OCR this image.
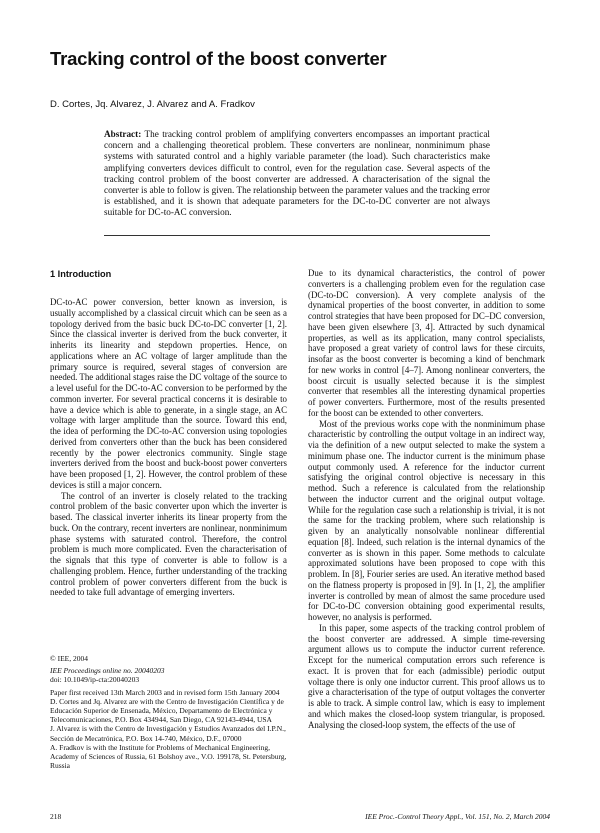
Tracking control of the boost converter
D. Cortes, Jq. Alvarez, J. Alvarez and A. Fradkov

Abstract: The tracking control problem of amplifying converters encompasses an important practical concern and a challenging theoretical problem. These converters are nonlinear, nonminimum phase systems with saturated control and a highly variable parameter (the load). Such characteristics make amplifying converters devices difficult to control, even for the regulation case. Several aspects of the tracking control problem of the boost converter are addressed. A characterisation of the signal the converter is able to follow is given. The relationship between the parameter values and the tracking error is established, and it is shown that adequate parameters for the DC-to-DC converter are not always suitable for DC-to-AC conversion.

1 Introduction

DC-to-AC power conversion, better known as inversion, is usually accomplished by a classical circuit which can be seen as a topology derived from the basic buck DC-to-DC converter [1, 2]. Since the classical inverter is derived from the buck converter, it inherits its linearity and stepdown properties. Hence, on applications where an AC voltage of larger amplitude than the primary source is required, several stages of conversion are needed. The additional stages raise the DC voltage of the source to a level useful for the DC-to-AC conversion to be performed by the common inverter. For several practical concerns it is desirable to have a device which is able to generate, in a single stage, an AC voltage with larger amplitude than the source. Toward this end, the idea of performing the DC-to-AC conversion using topologies derived from converters other than the buck has been considered recently by the power electronics community. Single stage inverters derived from the boost and buck-boost power converters have been proposed [1, 2]. However, the control problem of these devices is still a major concern.

The control of an inverter is closely related to the tracking control problem of the basic converter upon which the inverter is based. The classical inverter inherits its linear property from the buck. On the contrary, recent inverters are nonlinear, nonminimum phase systems with saturated control. Therefore, the control problem is much more complicated. Even the characterisation of the signals that this type of converter is able to follow is a challenging problem. Hence, further understanding of the tracking control problem of power converters different from the buck is needed to take full advantage of emerging inverters.

Due to its dynamical characteristics, the control of power converters is a challenging problem even for the regulation case (DC-to-DC conversion). A very complete analysis of the dynamical properties of the boost converter, in addition to some control strategies that have been proposed for DC–DC conversion, have been given elsewhere [3, 4]. Attracted by such dynamical properties, as well as its application, many control specialists, have proposed a great variety of control laws for these circuits, insofar as the boost converter is becoming a kind of benchmark for new works in control [4–7]. Among nonlinear converters, the boost circuit is usually selected because it is the simplest converter that resembles all the interesting dynamical properties of power converters. Furthermore, most of the results presented for the boost can be extended to other converters.

Most of the previous works cope with the nonminimum phase characteristic by controlling the output voltage in an indirect way, via the definition of a new output selected to make the system a minimum phase one. The inductor current is the minimum phase output commonly used. A reference for the inductor current satisfying the original control objective is necessary in this method. Such a reference is calculated from the relationship between the inductor current and the original output voltage. While for the regulation case such a relationship is trivial, it is not the same for the tracking problem, where such relationship is given by an analytically nonsolvable nonlinear differential equation [8]. Indeed, such relation is the internal dynamics of the converter as is shown in this paper. Some methods to calculate approximated solutions have been proposed to cope with this problem. In [8], Fourier series are used. An iterative method based on the flatness property is proposed in [9]. In [1, 2], the amplifier inverter is controlled by mean of almost the same procedure used for DC-to-DC conversion obtaining good experimental results, however, no analysis is performed.

In this paper, some aspects of the tracking control problem of the boost converter are addressed. A simple time-reversing argument allows us to compute the inductor current reference. Except for the numerical computation errors such reference is exact. It is proven that for each (admissible) periodic output voltage there is only one inductor current. This proof allows us to give a characterisation of the type of output voltages the converter is able to track. A simple control law, which is easy to implement and which makes the closed-loop system triangular, is proposed. Analysing the closed-loop system, the effects of the use of

© IEE, 2004
IEE Proceedings online no. 20040203
doi: 10.1049/ip-cta:20040203
Paper first received 13th March 2003 and in revised form 15th January 2004
D. Cortes and Jq. Alvarez are with the Centro de Investigación Científica y de Educación Superior de Ensenada, México, Departamento de Electrónica y Telecomunicaciones, P.O. Box 434944, San Diego, CA 92143-4944, USA
J. Alvarez is with the Centro de Investigación y Estudios Avanzados del I.P.N., Sección de Mecatrónica, P.O. Box 14-740, México, D.F., 07000
A. Fradkov is with the Institute for Problems of Mechanical Engineering, Academy of Sciences of Russia, 61 Bolshoy ave., V.O. 199178, St. Petersburg, Russia
218	IEE Proc.-Control Theory Appl., Vol. 151, No. 2, March 2004
